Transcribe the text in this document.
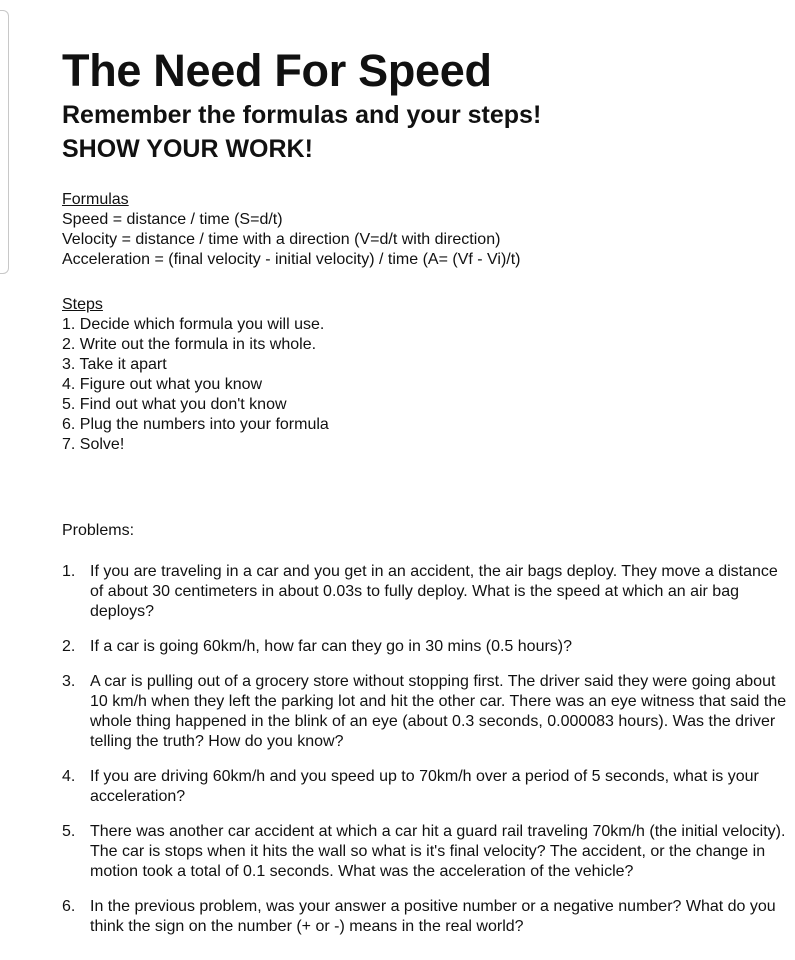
The Need For Speed
Remember the formulas and your steps!
SHOW YOUR WORK!
Formulas
Speed = distance / time (S=d/t)
Velocity = distance / time with a direction (V=d/t with direction)
Acceleration = (final velocity - initial velocity) / time (A= (Vf - Vi)/t)
Steps
1. Decide which formula you will use.
2. Write out the formula in its whole.
3. Take it apart
4. Figure out what you know
5. Find out what you don't know
6. Plug the numbers into your formula
7. Solve!
Problems:
1. If you are traveling in a car and you get in an accident, the air bags deploy. They move a distance of about 30 centimeters in about 0.03s to fully deploy. What is the speed at which an air bag deploys?
2. If a car is going 60km/h, how far can they go in 30 mins (0.5 hours)?
3. A car is pulling out of a grocery store without stopping first. The driver said they were going about 10 km/h when they left the parking lot and hit the other car. There was an eye witness that said the whole thing happened in the blink of an eye (about 0.3 seconds, 0.000083 hours). Was the driver telling the truth? How do you know?
4. If you are driving 60km/h and you speed up to 70km/h over a period of 5 seconds, what is your acceleration?
5. There was another car accident at which a car hit a guard rail traveling 70km/h (the initial velocity). The car is stops when it hits the wall so what is it's final velocity? The accident, or the change in motion took a total of 0.1 seconds. What was the acceleration of the vehicle?
6. In the previous problem, was your answer a positive number or a negative number? What do you think the sign on the number (+ or -) means in the real world?
